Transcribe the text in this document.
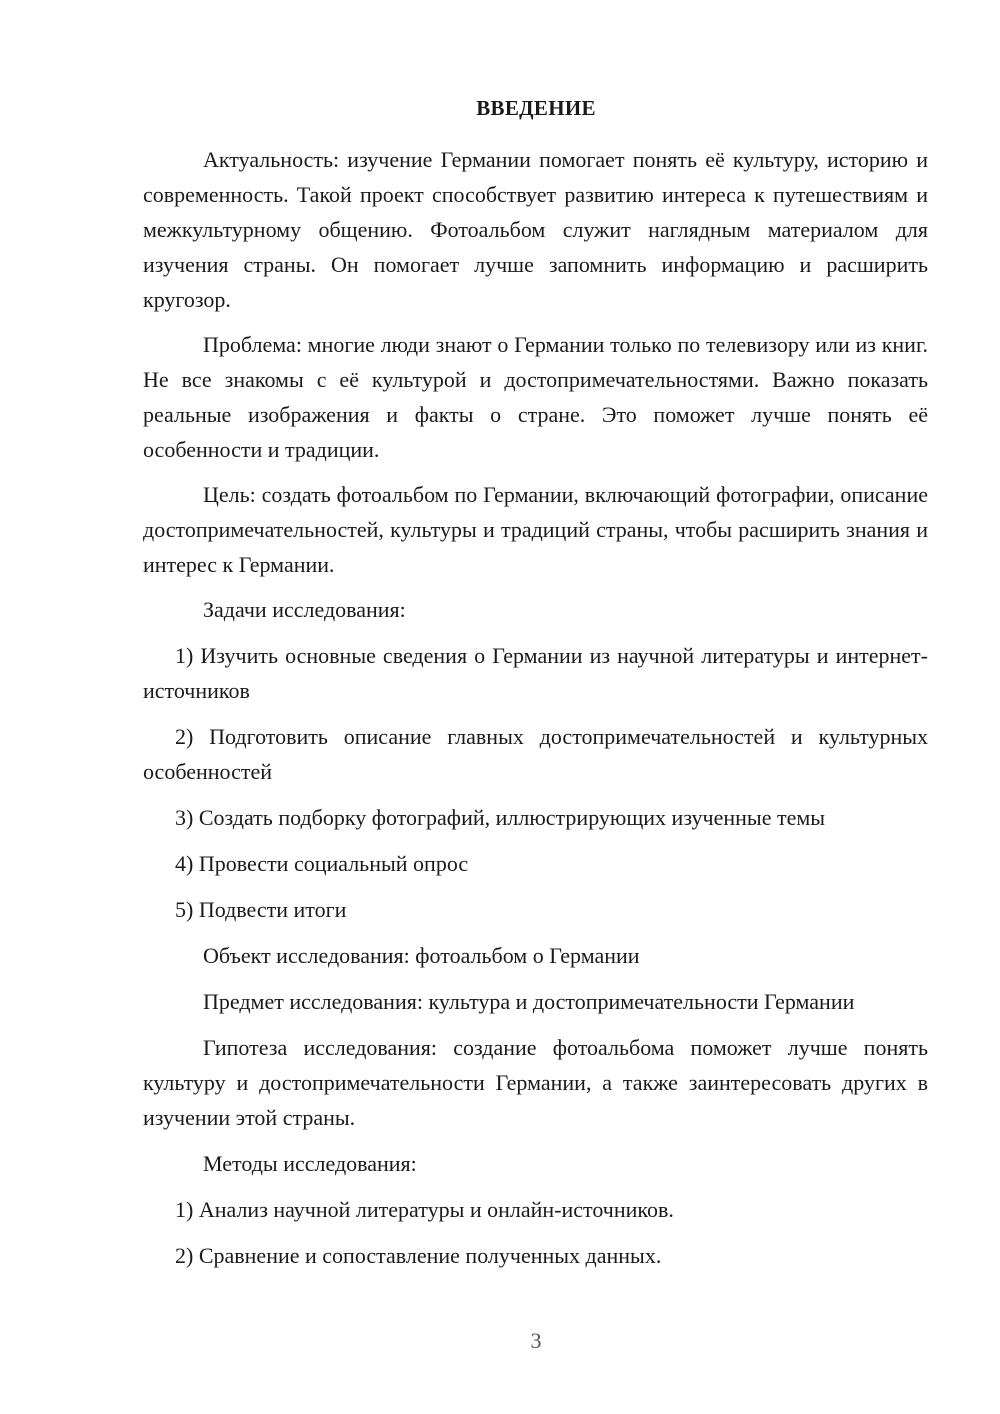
ВВЕДЕНИЕ

Актуальность: изучение Германии помогает понять её культуру, историю и современность. Такой проект способствует развитию интереса к путешествиям и межкультурному общению. Фотоальбом служит наглядным материалом для изучения страны. Он помогает лучше запомнить информацию и расширить кругозор.

Проблема: многие люди знают о Германии только по телевизору или из книг. Не все знакомы с её культурой и достопримечательностями. Важно показать реальные изображения и факты о стране. Это поможет лучше понять её особенности и традиции.

Цель: создать фотоальбом по Германии, включающий фотографии, описание достопримечательностей, культуры и традиций страны, чтобы расширить знания и интерес к Германии.

Задачи исследования:

1) Изучить основные сведения о Германии из научной литературы и интернет-источников

2) Подготовить описание главных достопримечательностей и культурных особенностей

3) Создать подборку фотографий, иллюстрирующих изученные темы

4) Провести социальный опрос

5) Подвести итоги

Объект исследования: фотоальбом о Германии

Предмет исследования: культура и достопримечательности Германии

Гипотеза исследования: создание фотоальбома поможет лучше понять культуру и достопримечательности Германии, а также заинтересовать других в изучении этой страны.

Методы исследования:

1) Анализ научной литературы и онлайн-источников.

2) Сравнение и сопоставление полученных данных.

3
